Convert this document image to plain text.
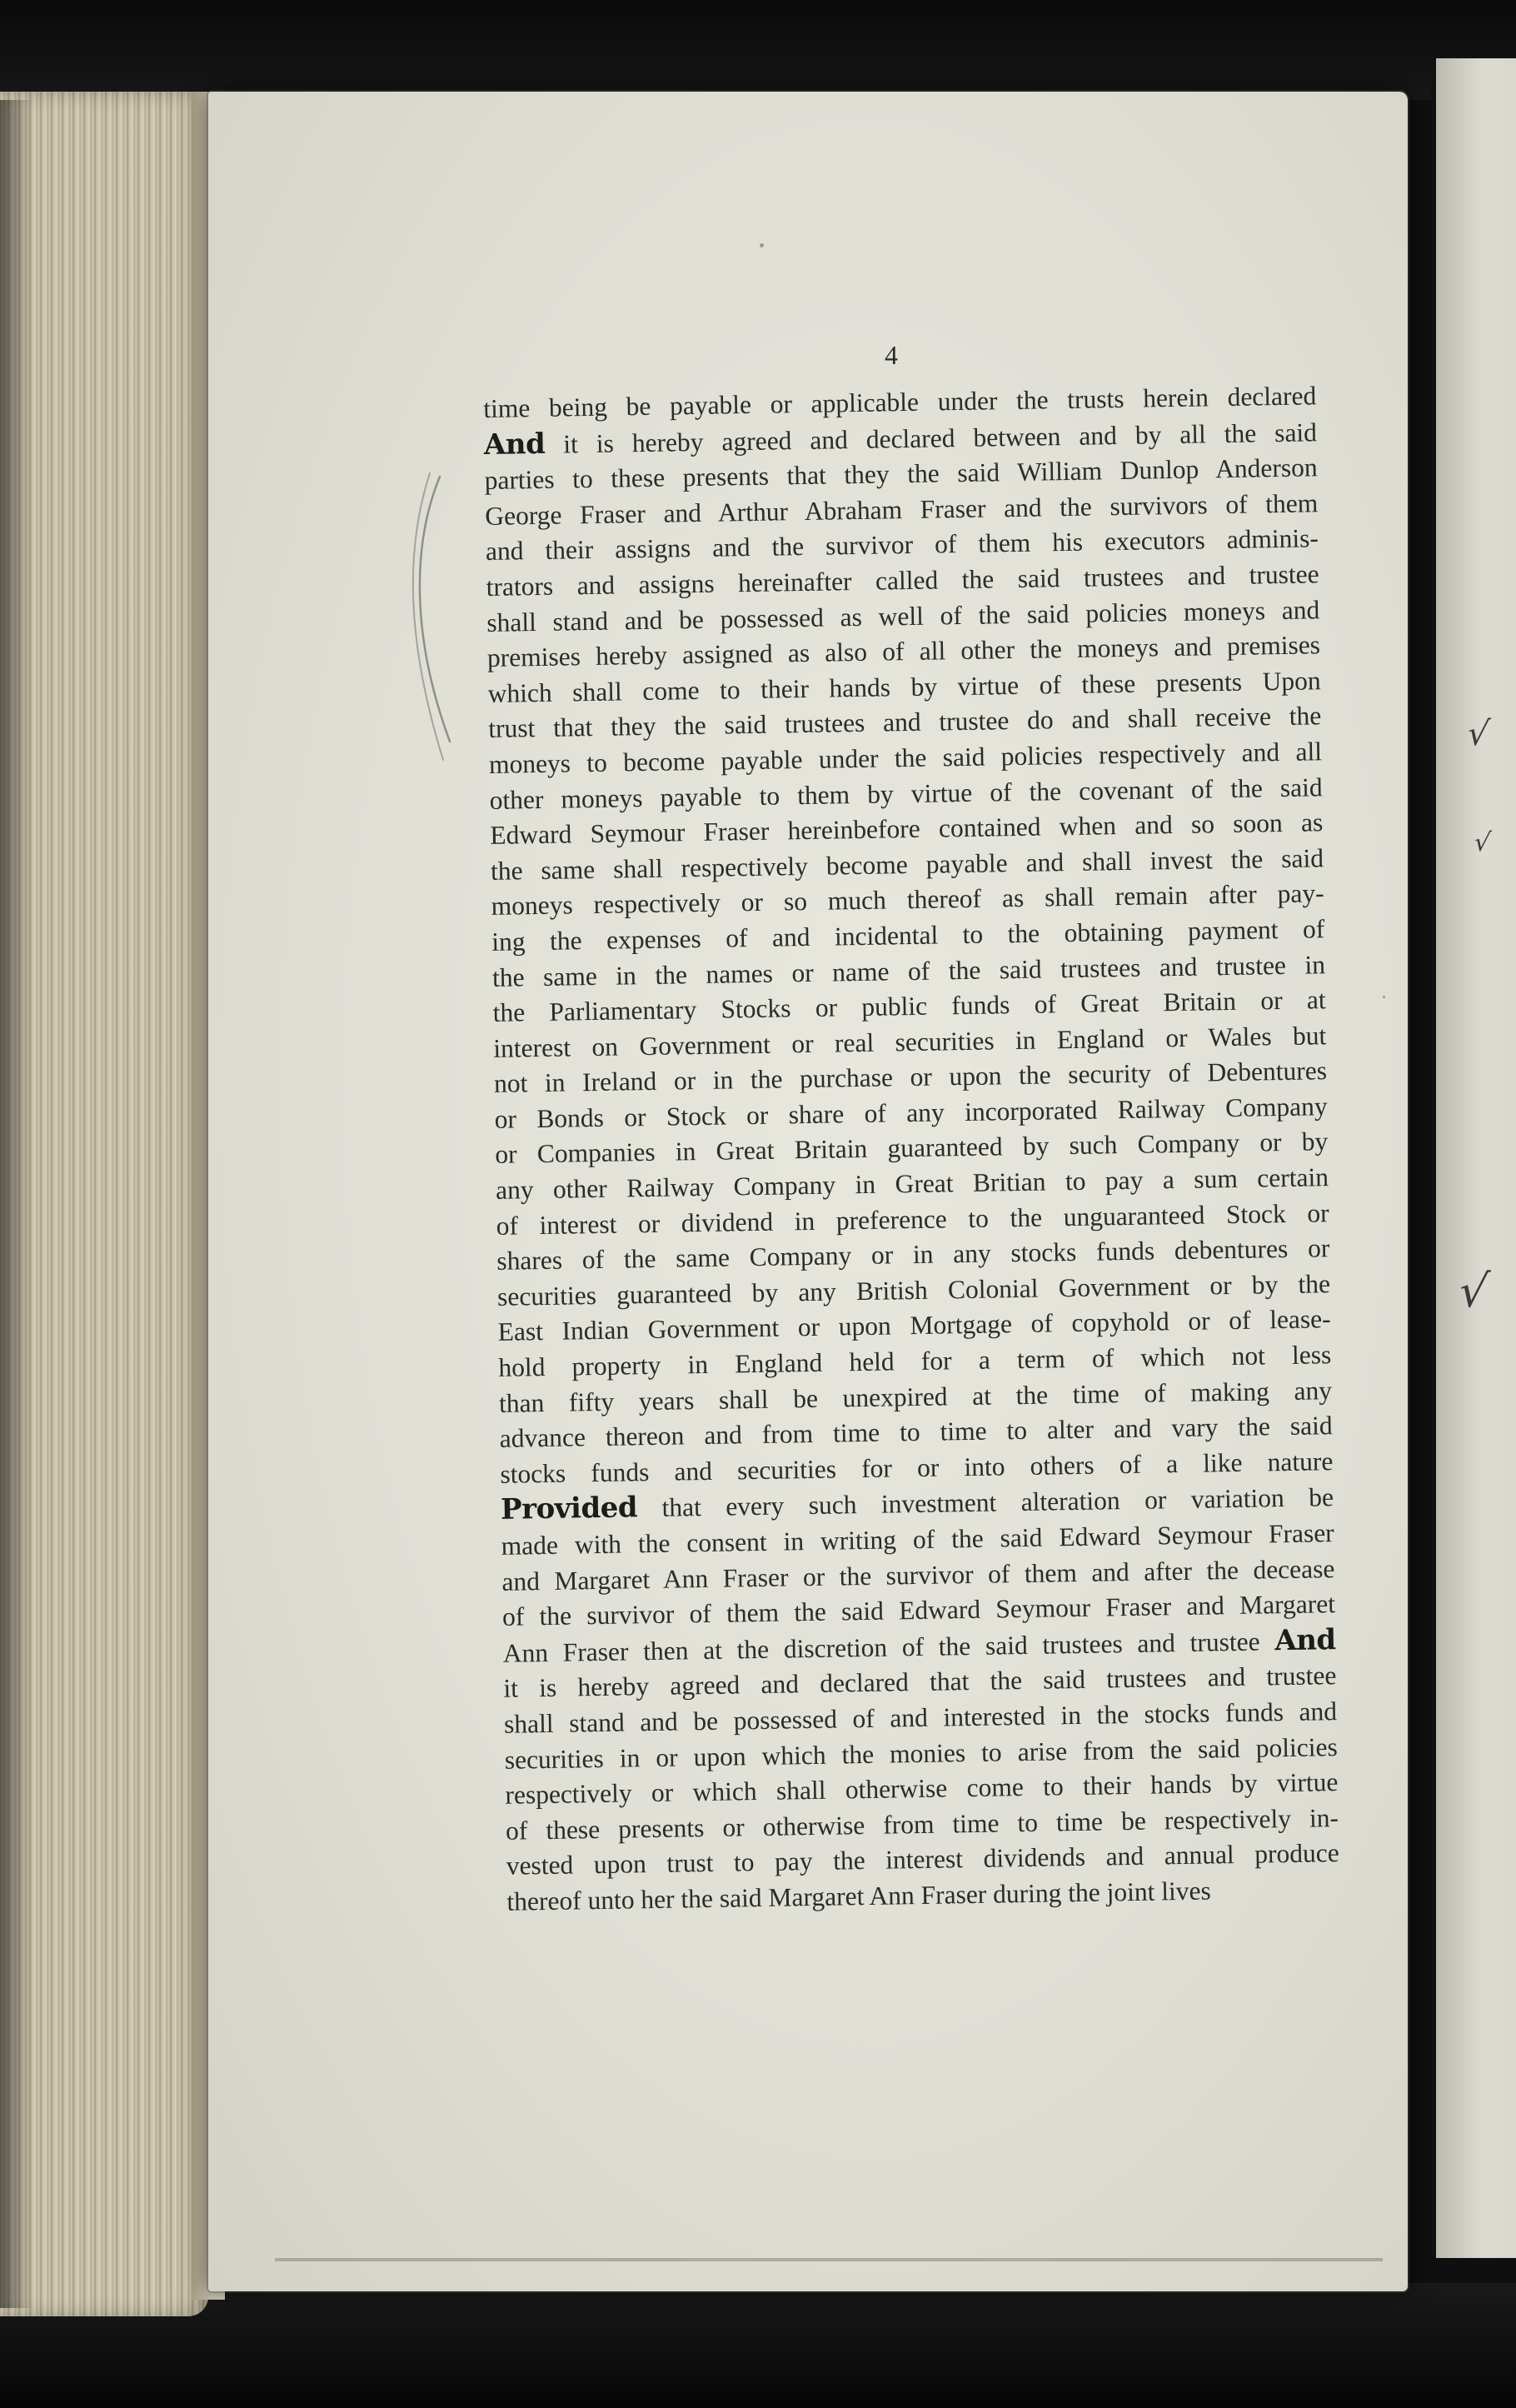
4
time being be payable or applicable under the trusts herein declared
And it is hereby agreed and declared between and by all the said
parties to these presents that they the said William Dunlop Anderson
George Fraser and Arthur Abraham Fraser and the survivors of them
and their assigns and the survivor of them his executors adminis-
trators and assigns hereinafter called the said trustees and trustee
shall stand and be possessed as well of the said policies moneys and
premises hereby assigned as also of all other the moneys and premises
which shall come to their hands by virtue of these presents Upon
trust that they the said trustees and trustee do and shall receive the
moneys to become payable under the said policies respectively and all
other moneys payable to them by virtue of the covenant of the said
Edward Seymour Fraser hereinbefore contained when and so soon as
the same shall respectively become payable and shall invest the said
moneys respectively or so much thereof as shall remain after pay-
ing the expenses of and incidental to the obtaining payment of
the same in the names or name of the said trustees and trustee in
the Parliamentary Stocks or public funds of Great Britain or at
interest on Government or real securities in England or Wales but
not in Ireland or in the purchase or upon the security of Debentures
or Bonds or Stock or share of any incorporated Railway Company
or Companies in Great Britain guaranteed by such Company or by
any other Railway Company in Great Britian to pay a sum certain
of interest or dividend in preference to the unguaranteed Stock or
shares of the same Company or in any stocks funds debentures or
securities guaranteed by any British Colonial Government or by the
East Indian Government or upon Mortgage of copyhold or of lease-
hold property in England held for a term of which not less
than fifty years shall be unexpired at the time of making any
advance thereon and from time to time to alter and vary the said
stocks funds and securities for or into others of a like nature
Provided that every such investment alteration or variation be
made with the consent in writing of the said Edward Seymour Fraser
and Margaret Ann Fraser or the survivor of them and after the decease
of the survivor of them the said Edward Seymour Fraser and Margaret
Ann Fraser then at the discretion of the said trustees and trustee And
it is hereby agreed and declared that the said trustees and trustee
shall stand and be possessed of and interested in the stocks funds and
securities in or upon which the monies to arise from the said policies
respectively or which shall otherwise come to their hands by virtue
of these presents or otherwise from time to time be respectively in-
vested upon trust to pay the interest dividends and annual produce
thereof unto her the said Margaret Ann Fraser during the joint lives
√
√
√
